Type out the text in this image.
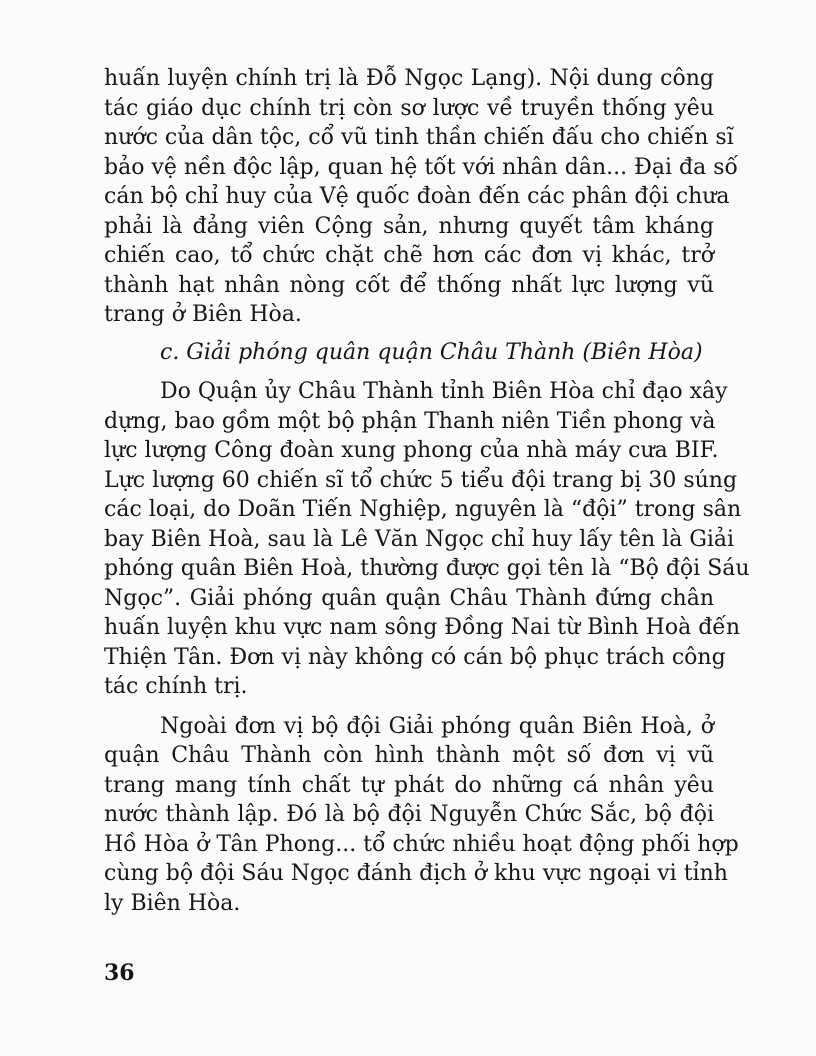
huấn luyện chính trị là Đỗ Ngọc Lạng). Nội dung công
tác giáo dục chính trị còn sơ lược về truyền thống yêu
nước của dân tộc, cổ vũ tinh thần chiến đấu cho chiến sĩ
bảo vệ nền độc lập, quan hệ tốt với nhân dân... Đại đa số
cán bộ chỉ huy của Vệ quốc đoàn đến các phân đội chưa
phải là đảng viên Cộng sản, nhưng quyết tâm kháng
chiến cao, tổ chức chặt chẽ hơn các đơn vị khác, trở
thành hạt nhân nòng cốt để thống nhất lực lượng vũ
trang ở Biên Hòa.

c. Giải phóng quân quận Châu Thành (Biên Hòa)

Do Quận ủy Châu Thành tỉnh Biên Hòa chỉ đạo xây
dựng, bao gồm một bộ phận Thanh niên Tiền phong và
lực lượng Công đoàn xung phong của nhà máy cưa BIF.
Lực lượng 60 chiến sĩ tổ chức 5 tiểu đội trang bị 30 súng
các loại, do Doãn Tiến Nghiệp, nguyên là “đội” trong sân
bay Biên Hoà, sau là Lê Văn Ngọc chỉ huy lấy tên là Giải
phóng quân Biên Hoà, thường được gọi tên là “Bộ đội Sáu
Ngọc”. Giải phóng quân quận Châu Thành đứng chân
huấn luyện khu vực nam sông Đồng Nai từ Bình Hoà đến
Thiện Tân. Đơn vị này không có cán bộ phục trách công
tác chính trị.

Ngoài đơn vị bộ đội Giải phóng quân Biên Hoà, ở
quận Châu Thành còn hình thành một số đơn vị vũ
trang mang tính chất tự phát do những cá nhân yêu
nước thành lập. Đó là bộ đội Nguyễn Chức Sắc, bộ đội
Hồ Hòa ở Tân Phong... tổ chức nhiều hoạt động phối hợp
cùng bộ đội Sáu Ngọc đánh địch ở khu vực ngoại vi tỉnh
ly Biên Hòa.

36
